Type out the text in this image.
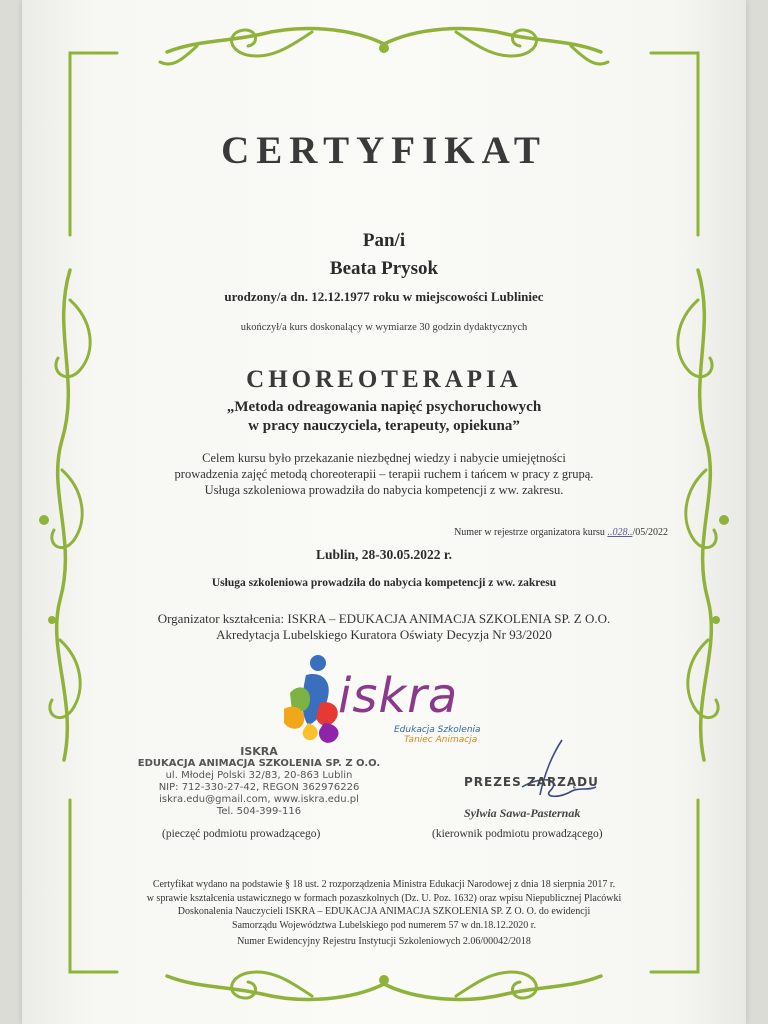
CERTYFIKAT
Pan/i
Beata Prysok
urodzony/a dn. 12.12.1977 roku w miejscowości Lubliniec
ukończył/a kurs doskonalący w wymiarze 30 godzin dydaktycznych
CHOREOTERAPIA
„Metoda odreagowania napięć psychoruchowych
w pracy nauczyciela, terapeuty, opiekuna”
Celem kursu było przekazanie niezbędnej wiedzy i nabycie umiejętności
prowadzenia zajęć metodą choreoterapii – terapii ruchem i tańcem w pracy z grupą.
Usługa szkoleniowa prowadziła do nabycia kompetencji z ww. zakresu.
Numer w rejestrze organizatora kursu ..028../05/2022
Lublin, 28-30.05.2022 r.
Usługa szkoleniowa prowadziła do nabycia kompetencji z ww. zakresu
Organizator kształcenia: ISKRA – EDUKACJA ANIMACJA SZKOLENIA SP. Z O.O.
Akredytacja Lubelskiego Kuratora Oświaty Decyzja Nr 93/2020
iskra
Edukacja Szkolenia
Taniec Animacja
ISKRA
EDUKACJA ANIMACJA SZKOLENIA SP. Z O.O.
ul. Młodej Polski 32/83, 20-863 Lublin
NIP: 712-330-27-42, REGON 362976226
iskra.edu@gmail.com, www.iskra.edu.pl
Tel. 504-399-116
(pieczęć podmiotu prowadzącego)
PREZES ZARZĄDU
Sylwia Sawa-Pasternak
(kierownik podmiotu prowadzącego)
Certyfikat wydano na podstawie § 18 ust. 2 rozporządzenia Ministra Edukacji Narodowej z dnia 18 sierpnia 2017 r.
w sprawie kształcenia ustawicznego w formach pozaszkolnych (Dz. U. Poz. 1632) oraz wpisu Niepublicznej Placówki
Doskonalenia Nauczycieli ISKRA – EDUKACJA ANIMACJA SZKOLENIA SP. Z O. O. do ewidencji
Samorządu Województwa Lubelskiego pod numerem 57 w dn.18.12.2020 r.
Numer Ewidencyjny Rejestru Instytucji Szkoleniowych 2.06/00042/2018
